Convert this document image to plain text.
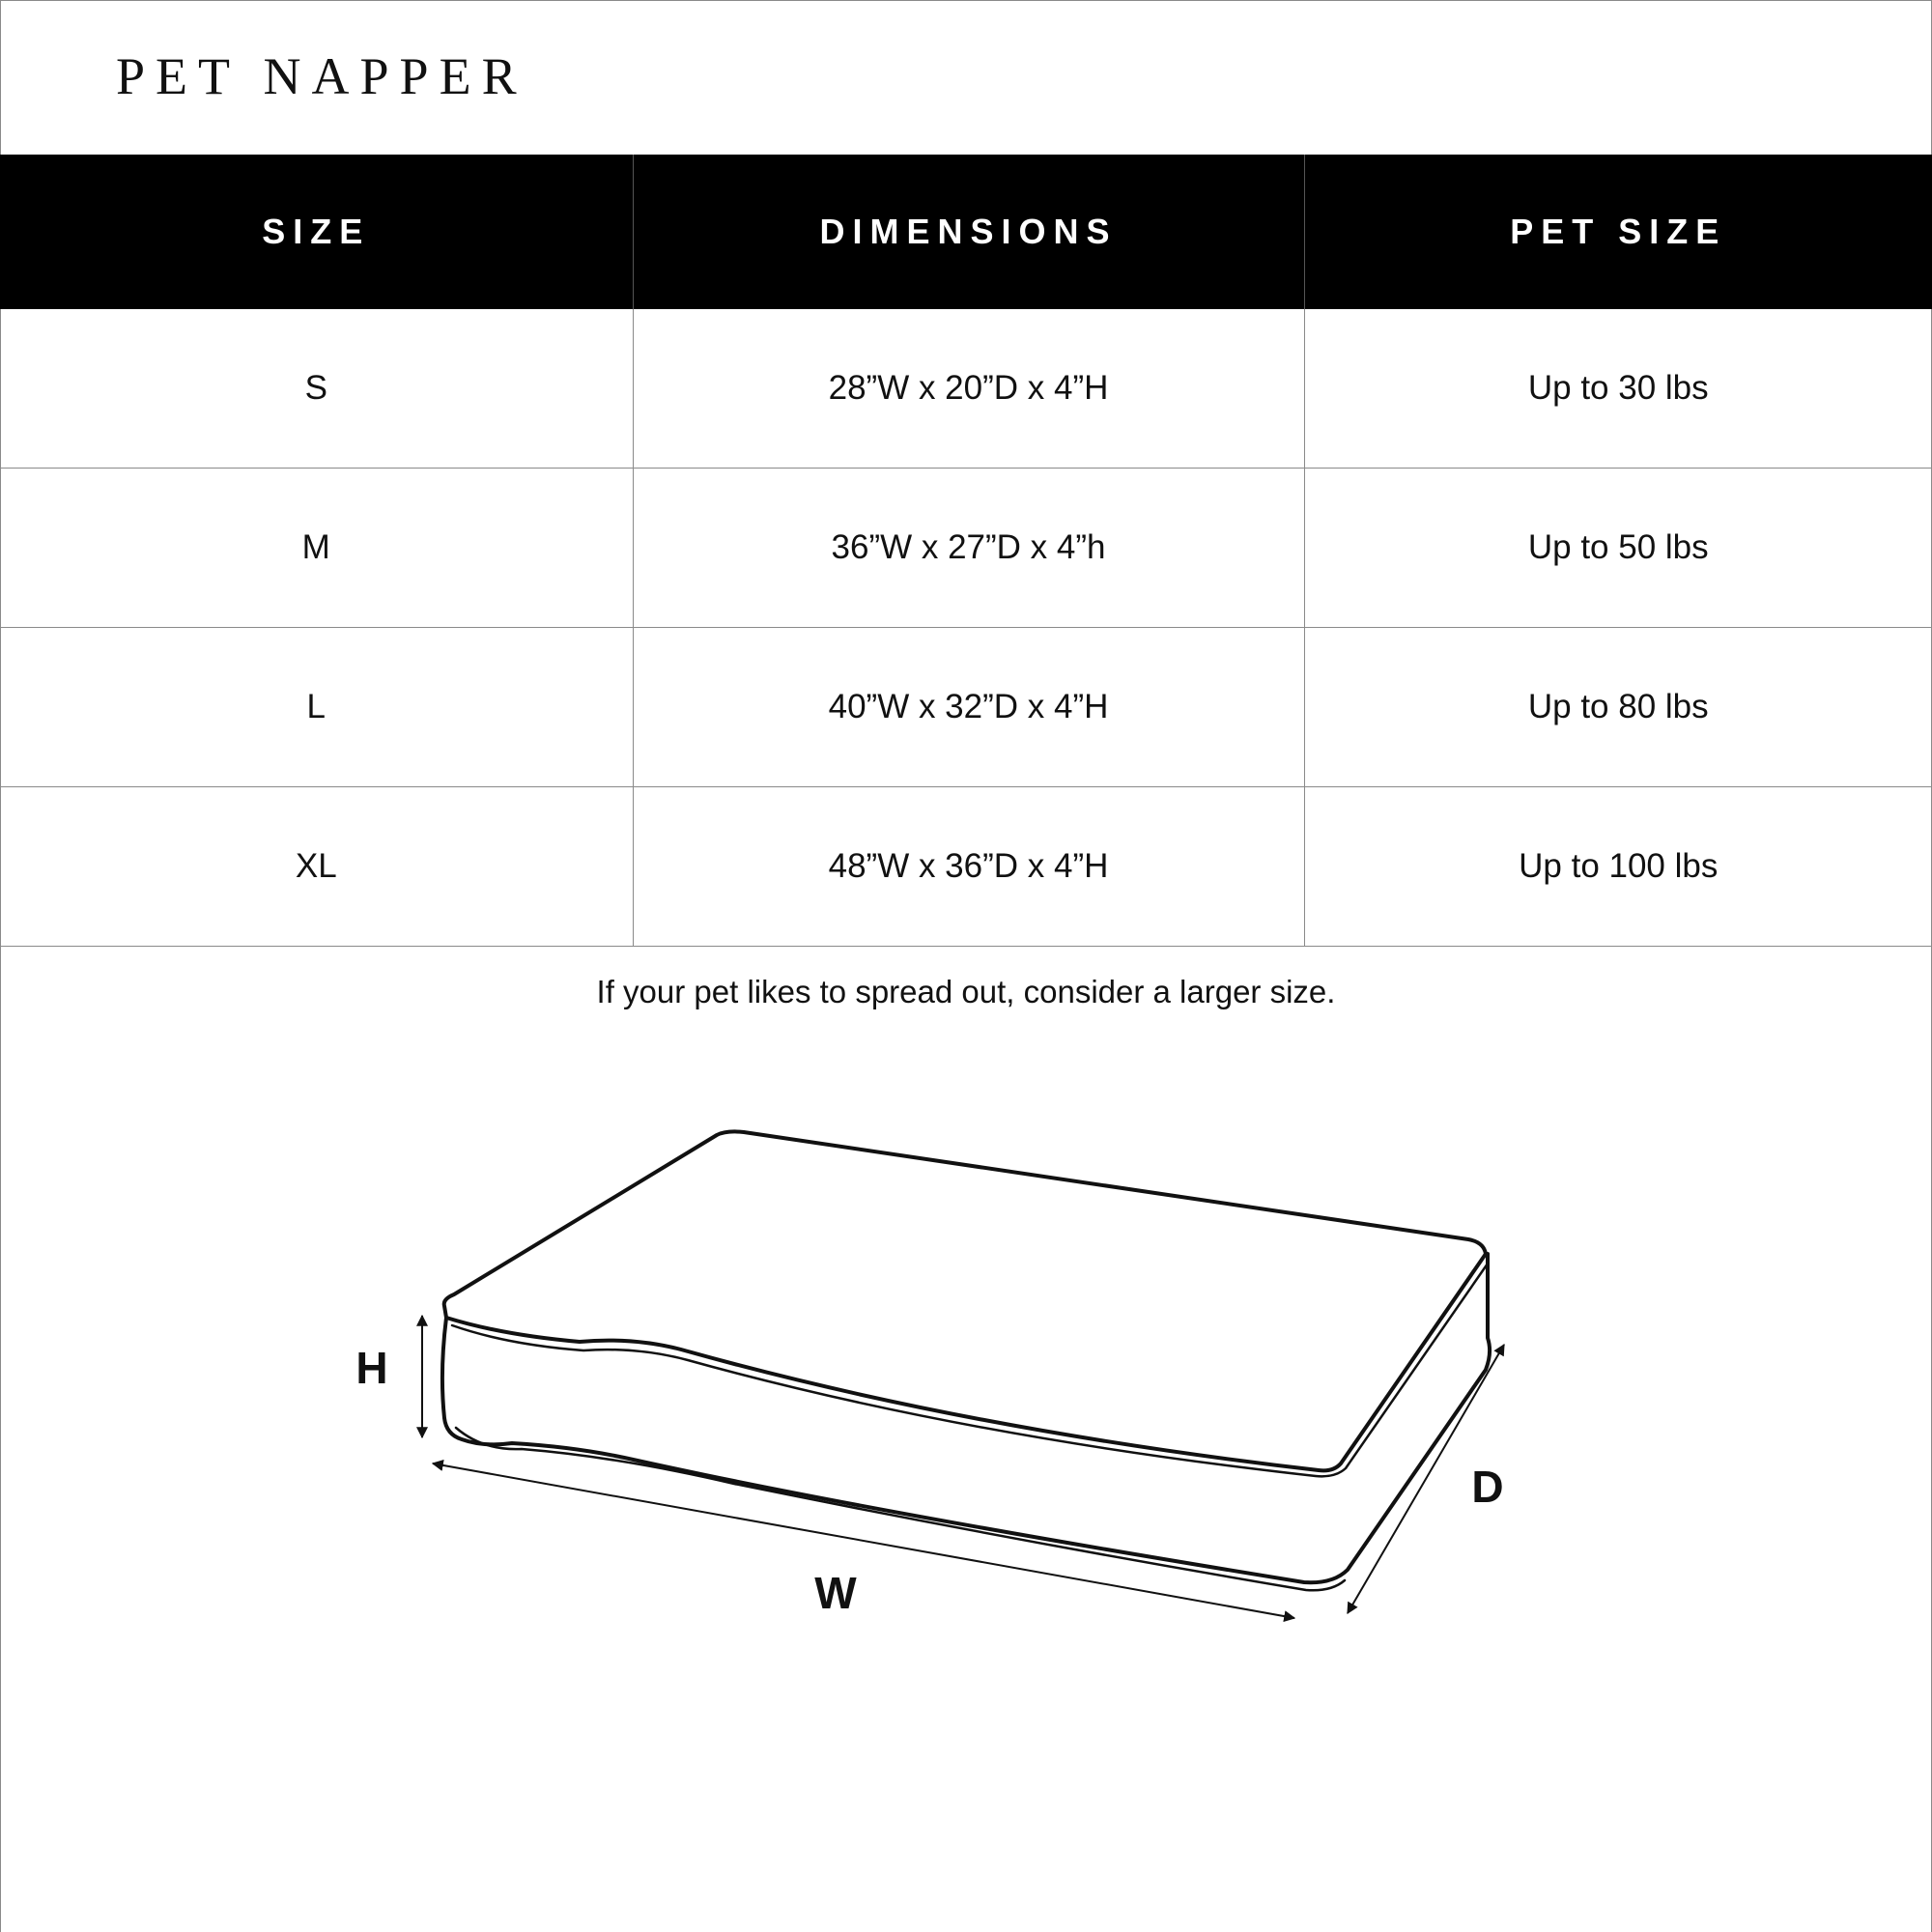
PET NAPPER
SIZE	DIMENSIONS	PET SIZE
S	28”W x 20”D x 4”H	Up to 30 lbs
M	36”W x 27”D x 4”h	Up to 50 lbs
L	40”W x 32”D x 4”H	Up to 80 lbs
XL	48”W x 36”D x 4”H	Up to 100 lbs

If your pet likes to spread out, consider a larger size.

H
W
D
